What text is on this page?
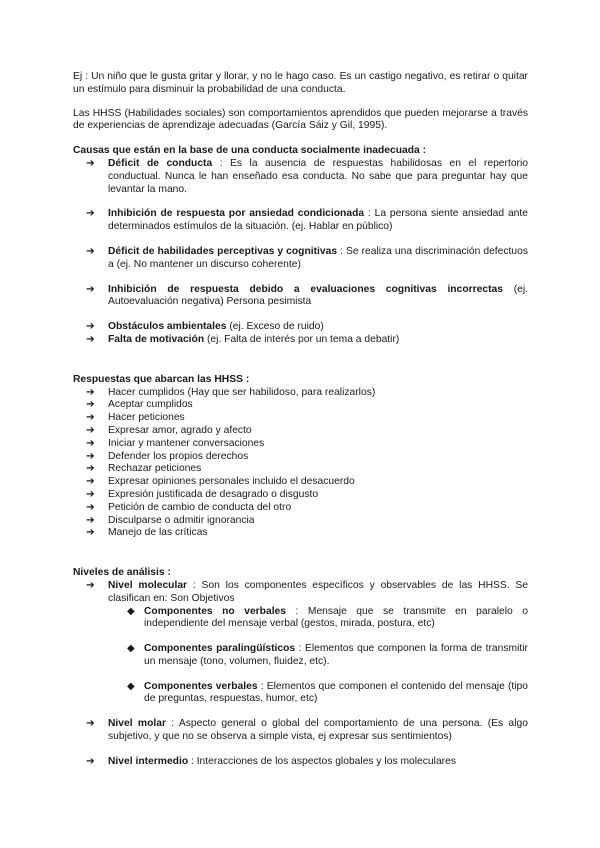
Ej : Un niño que le gusta gritar y llorar, y no le hago caso. Es un castigo negativo, es retirar o quitar un estímulo para disminuir la probabilidad de una conducta.

Las HHSS (Habilidades sociales) son comportamientos aprendidos que pueden mejorarse a través de experiencias de aprendizaje adecuadas (García Sáiz y Gil, 1995).

Causas que están en la base de una conducta socialmente inadecuada :

➔ Déficit de conducta : Es la ausencia de respuestas habilidosas en el repertorio conductual. Nunca le han enseñado esa conducta. No sabe que para preguntar hay que levantar la mano.
➔ Inhibición de respuesta por ansiedad condicionada : La persona siente ansiedad ante determinados estímulos de la situación. (ej. Hablar en público)
➔ Déficit de habilidades perceptivas y cognitivas : Se realiza una discriminación defectuos a (ej. No mantener un discurso coherente)
➔ Inhibición de respuesta debido a evaluaciones cognitivas incorrectas (ej. Autoevaluación negativa) Persona pesimista
➔ Obstáculos ambientales (ej. Exceso de ruido)
➔ Falta de motivación (ej. Falta de interés por un tema a debatir)

Respuestas que abarcan las HHSS :

➔ Hacer cumplidos (Hay que ser habilidoso, para realizarlos)
➔ Aceptar cumplidos
➔ Hacer peticiones
➔ Expresar amor, agrado y afecto
➔ Iniciar y mantener conversaciones
➔ Defender los propios derechos
➔ Rechazar peticiones
➔ Expresar opiniones personales incluido el desacuerdo
➔ Expresión justificada de desagrado o disgusto
➔ Petición de cambio de conducta del otro
➔ Disculparse o admitir ignorancia
➔ Manejo de las críticas

Niveles de análisis :

➔ Nivel molecular : Son los componentes específicos y observables de las HHSS. Se clasifican en: Son Objetivos
◆ Componentes no verbales : Mensaje que se transmite en paralelo o independiente del mensaje verbal (gestos, mirada, postura, etc)
◆ Componentes paralingüísticos : Elementos que componen la forma de transmitir un mensaje (tono, volumen, fluidez, etc).
◆ Componentes verbales : Elementos que componen el contenido del mensaje (tipo de preguntas, respuestas, humor, etc)
➔ Nivel molar : Aspecto general o global del comportamiento de una persona. (Es algo subjetivo, y que no se observa a simple vista, ej expresar sus sentimientos)
➔ Nivel intermedio : Interacciones de los aspectos globales y los moleculares
